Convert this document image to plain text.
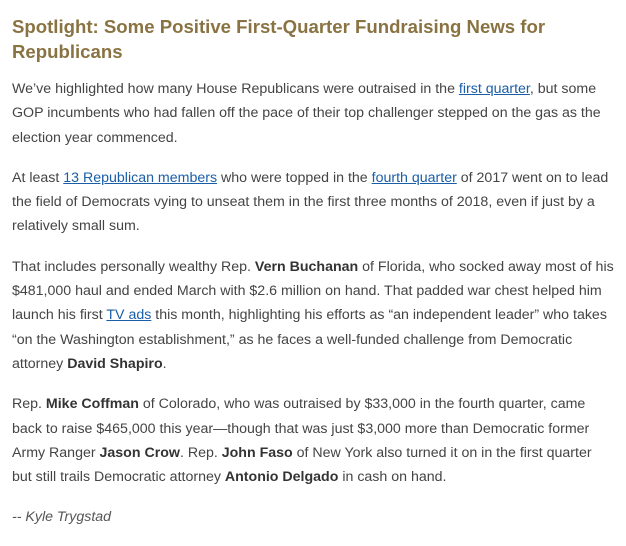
Spotlight: Some Positive First-Quarter Fundraising News for Republicans

We’ve highlighted how many House Republicans were outraised in the first quarter, but some GOP incumbents who had fallen off the pace of their top challenger stepped on the gas as the election year commenced.

At least 13 Republican members who were topped in the fourth quarter of 2017 went on to lead the field of Democrats vying to unseat them in the first three months of 2018, even if just by a relatively small sum.

That includes personally wealthy Rep. Vern Buchanan of Florida, who socked away most of his $481,000 haul and ended March with $2.6 million on hand. That padded war chest helped him launch his first TV ads this month, highlighting his efforts as “an independent leader” who takes “on the Washington establishment,” as he faces a well-funded challenge from Democratic attorney David Shapiro.

Rep. Mike Coffman of Colorado, who was outraised by $33,000 in the fourth quarter, came back to raise $465,000 this year—though that was just $3,000 more than Democratic former Army Ranger Jason Crow. Rep. John Faso of New York also turned it on in the first quarter but still trails Democratic attorney Antonio Delgado in cash on hand.

-- Kyle Trygstad
